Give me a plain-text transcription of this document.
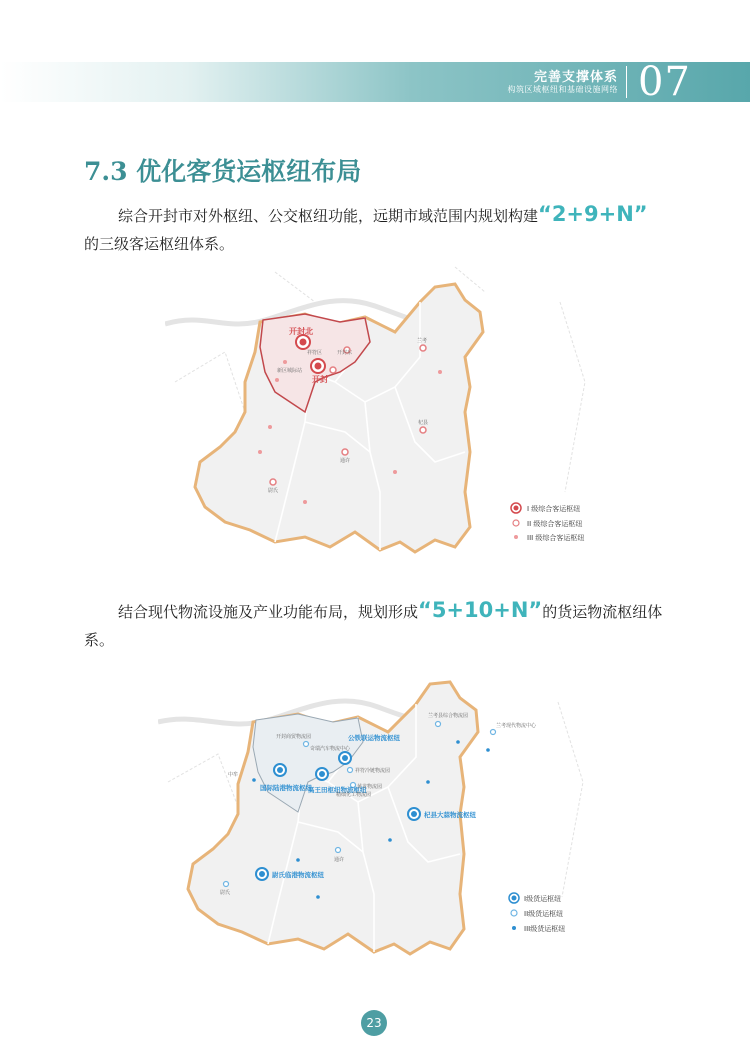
完善支撑体系
构筑区域枢纽和基础设施网络 07
7.3 优化客货运枢纽布局
综合开封市对外枢纽、公交枢纽功能，远期市域范围内规划构建“2+9+N”
的三级客运枢纽体系。
开封北
开封
祥符区
新区城际站
开封东
兰考
杞县
通许
尉氏
I 级综合客运枢纽
II 级综合客运枢纽
III 级综合客运枢纽
结合现代物流设施及产业功能布局，规划形成“5+10+N”的货运物流枢纽体系。
公铁联运物流枢纽
国际陆港物流枢纽
高王田枢纽物流枢纽
杞县大蒜物流枢纽
尉氏临港物流枢纽
兰考县综合物流园
兰考现代物流中心
开封商贸物流园
奇瑞汽车物流中心
祥符冷链物流园
黄龙物流园
精细化工物流园
中牟
通许
尉氏
I级货运枢纽
II级货运枢纽
III级货运枢纽
23
